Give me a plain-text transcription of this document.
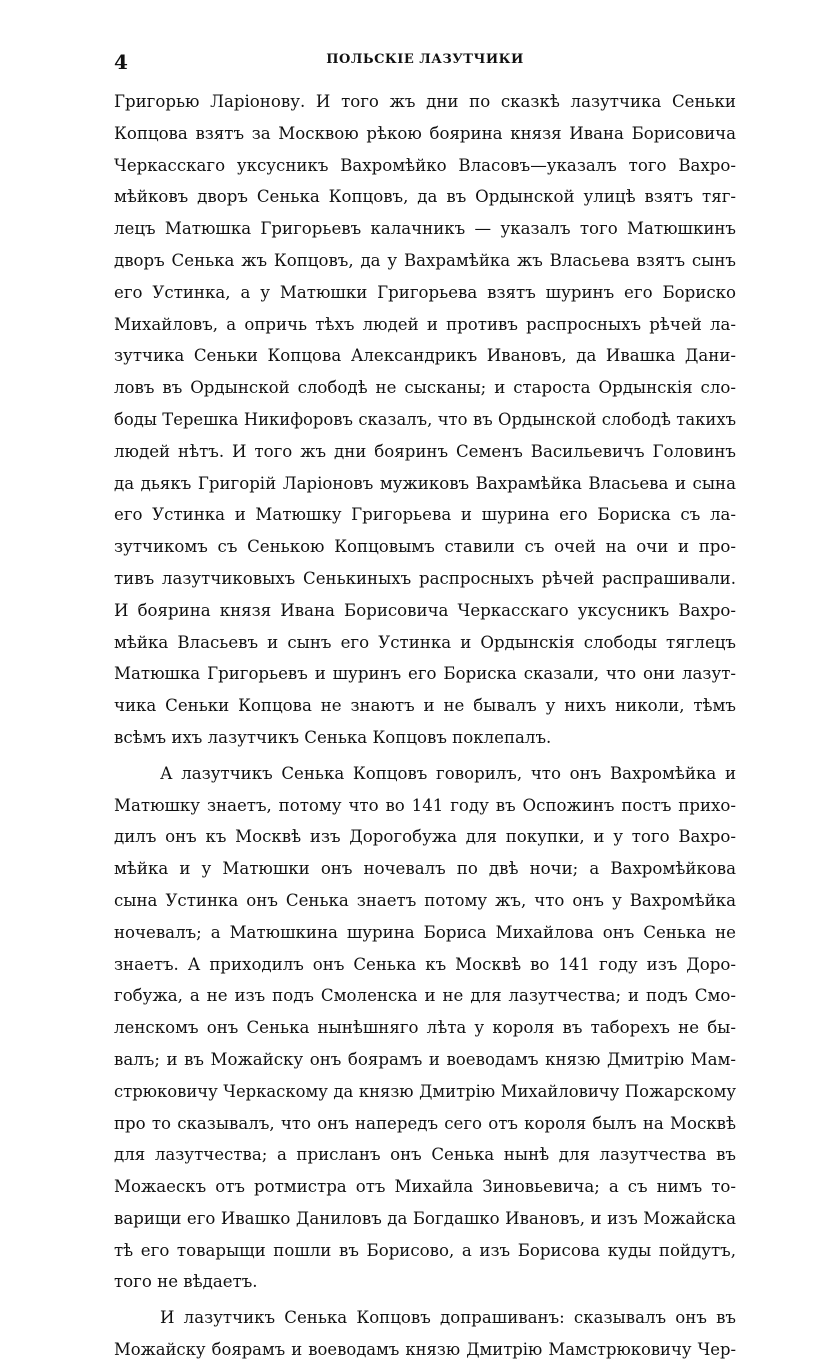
4	ПОЛЬСКІЕ ЛАЗУТЧИКИ
Григорью Ларіонову. И того жъ дни по сказкѣ лазутчика Сеньки
Копцова взятъ за Москвою рѣкою боярина князя Ивана Борисовича
Черкасскаго уксусникъ Вахромѣйко Власовъ—указалъ того Вахро-
мѣйковъ дворъ Сенька Копцовъ, да въ Ордынской улицѣ взятъ тяг-
лецъ Матюшка Григорьевъ калачникъ — указалъ того Матюшкинъ
дворъ Сенька жъ Копцовъ, да у Вахрамѣйка жъ Власьева взятъ сынъ
его Устинка, а у Матюшки Григорьева взятъ шуринъ его Бориско
Михайловъ, а опричь тѣхъ людей и противъ распросныхъ рѣчей ла-
зутчика Сеньки Копцова Александрикъ Ивановъ, да Ивашка Дани-
ловъ въ Ордынской слободѣ не сысканы; и староста Ордынскія сло-
боды Терешка Никифоровъ сказалъ, что въ Ордынской слободѣ такихъ
людей нѣтъ. И того жъ дни бояринъ Семенъ Васильевичъ Головинъ
да дьякъ Григорій Ларіоновъ мужиковъ Вахрамѣйка Власьева и сына
его Устинка и Матюшку Григорьева и шурина его Бориска съ ла-
зутчикомъ съ Сенькою Копцовымъ ставили съ очей на очи и про-
тивъ лазутчиковыхъ Сенькиныхъ распросныхъ рѣчей распрашивали.
И боярина князя Ивана Борисовича Черкасскаго уксусникъ Вахро-
мѣйка Власьевъ и сынъ его Устинка и Ордынскія слободы тяглецъ
Матюшка Григорьевъ и шуринъ его Бориска сказали, что они лазут-
чика Сеньки Копцова не знаютъ и не бывалъ у нихъ николи, тѣмъ
всѣмъ ихъ лазутчикъ Сенька Копцовъ поклепалъ.
А лазутчикъ Сенька Копцовъ говорилъ, что онъ Вахромѣйка и
Матюшку знаетъ, потому что во 141 году въ Оспожинъ постъ прихо-
дилъ онъ къ Москвѣ изъ Дорогобужа для покупки, и у того Вахро-
мѣйка и у Матюшки онъ ночевалъ по двѣ ночи; а Вахромѣйкова
сына Устинка онъ Сенька знаетъ потому жъ, что онъ у Вахромѣйка
ночевалъ; а Матюшкина шурина Бориса Михайлова онъ Сенька не
знаетъ. А приходилъ онъ Сенька къ Москвѣ во 141 году изъ Доро-
гобужа, а не изъ подъ Смоленска и не для лазутчества; и подъ Смо-
ленскомъ онъ Сенька нынѣшняго лѣта у короля въ таборехъ не бы-
валъ; и въ Можайску онъ боярамъ и воеводамъ князю Дмитрію Мам-
стрюковичу Черкаскому да князю Дмитрію Михайловичу Пожарскому
про то сказывалъ, что онъ напередъ сего отъ короля былъ на Москвѣ
для лазутчества; а присланъ онъ Сенька нынѣ для лазутчества въ
Можаескъ отъ ротмистра отъ Михайла Зиновьевича; а съ нимъ то-
варищи его Ивашко Даниловъ да Богдашко Ивановъ, и изъ Можайска
тѣ его товарыщи пошли въ Борисово, а изъ Борисова куды пойдутъ,
того не вѣдаетъ.
И лазутчикъ Сенька Копцовъ допрашиванъ: сказывалъ онъ въ
Можайску боярамъ и воеводамъ князю Дмитрію Мамстрюковичу Чер-
